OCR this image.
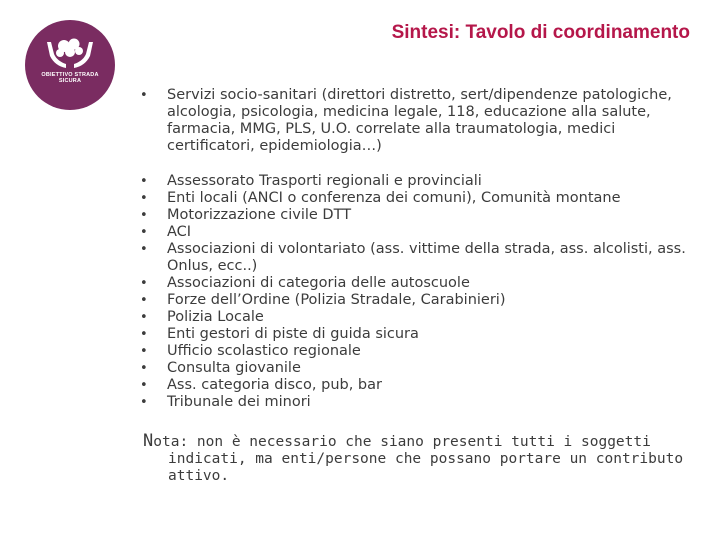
OBIETTIVO STRADA SICURA
Sintesi: Tavolo di coordinamento
• Servizi socio-sanitari (direttori distretto, sert/dipendenze patologiche, alcologia, psicologia, medicina legale, 118, educazione alla salute, farmacia, MMG, PLS, U.O. correlate alla traumatologia, medici certificatori, epidemiologia…)
• Assessorato Trasporti regionali e provinciali
• Enti locali (ANCI o conferenza dei comuni), Comunità montane
• Motorizzazione civile DTT
• ACI
• Associazioni di volontariato (ass. vittime della strada, ass. alcolisti, ass. Onlus, ecc..)
• Associazioni di categoria delle autoscuole
• Forze dell’Ordine (Polizia Stradale, Carabinieri)
• Polizia Locale
• Enti gestori di piste di guida sicura
• Ufficio scolastico regionale
• Consulta giovanile
• Ass. categoria disco, pub, bar
• Tribunale dei minori
Nota: non è necessario che siano presenti tutti i soggetti indicati, ma enti/persone che possano portare un contributo attivo.
